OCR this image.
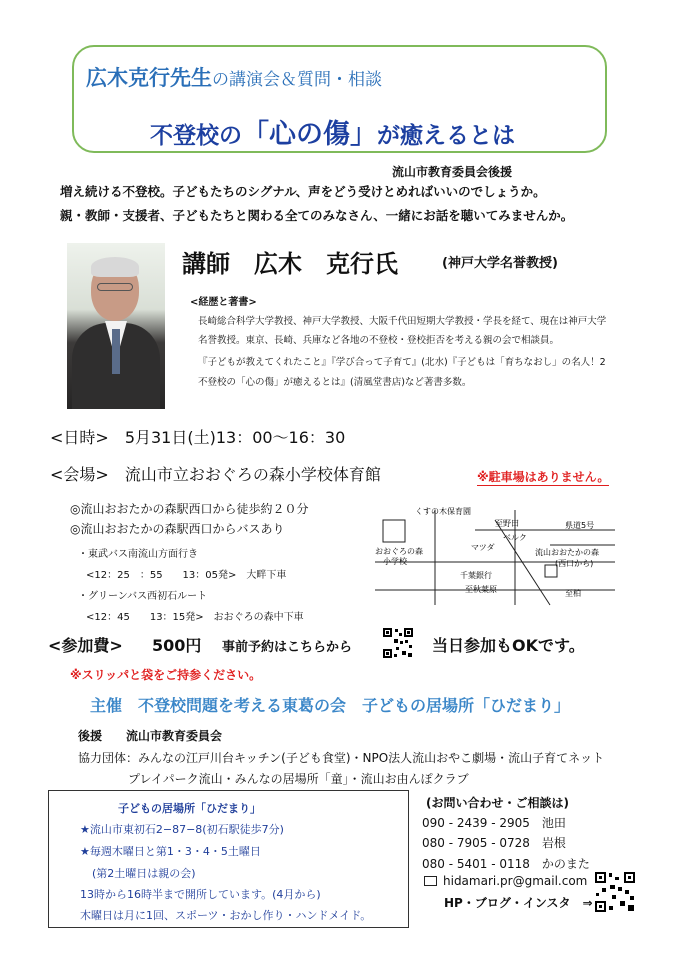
広木克行先生の講演会＆質問・相談
不登校の「心の傷」が癒えるとは
流山市教育委員会後援
増え続ける不登校。子どもたちのシグナル、声をどう受けとめればいいのでしょうか。
親・教師・支援者、子どもたちと関わる全てのみなさん、一緒にお話を聴いてみませんか。
講師　広木　克行氏	(神戸大学名誉教授)
<経歴と著書>
長崎総合科学大学教授、神戸大学教授、大阪千代田短期大学教授・学長を経て、現在は神戸大学
名誉教授。東京、長崎、兵庫など各地の不登校・登校拒否を考える親の会で相談員。
『子どもが教えてくれたこと』『学び合って子育て』(北水)『子どもは「育ちなおし」の名人！2
不登校の「心の傷」が癒えるとは』(清風堂書店)など著書多数。
<日時>　5月31日(土)13：00〜16：30
<会場>　流山市立おおぐろの森小学校体育館	※駐車場はありません。
◎流山おおたかの森駅西口から徒歩約２０分
◎流山おおたかの森駅西口からバスあり
・東武バス南流山方面行き
<12：25　：55　　13：05発>　大畔下車
・グリーンバス西初石ルート
<12：45　　13：15発>　おおぐろの森中下車
くすの木保育園
至野田
マツダ
ベルク
県道5号
おおぐろの森
小学校
流山おおたかの森
(西口から)
千葉銀行
至秋葉原	至柏
<参加費> 500円 事前予約はこちらから	当日参加もOKです。
※スリッパと袋をご持参ください。
主催　不登校問題を考える東葛の会　子どもの居場所「ひだまり」
後援　　流山市教育委員会
協力団体：みんなの江戸川台キッチン(子ども食堂)・NPO法人流山おやこ劇場・流山子育てネット
プレイパーク流山・みんなの居場所「童」・流山お由んぽクラブ
子どもの居場所「ひだまり」
★流山市東初石2−87−8(初石駅徒歩7分)
★毎週木曜日と第1・3・4・5土曜日
(第2土曜日は親の会)
13時から16時半まで開所しています。(4月から)
木曜日は月に1回、スポーツ・おかし作り・ハンドメイド。
(お問い合わせ・ご相談は)
090 - 2439 - 2905　池田
080 - 7905 - 0728　岩根
080 - 5401 - 0118　かのまた
hidamari.pr@gmail.com
HP・ブログ・インスタ　⇒
